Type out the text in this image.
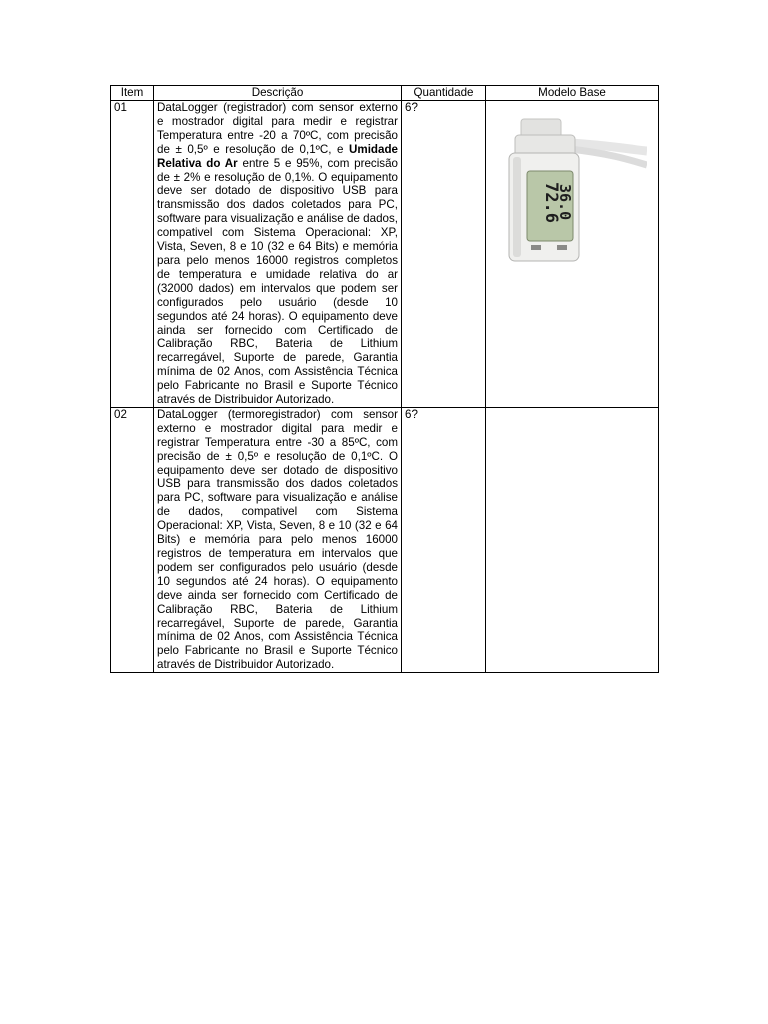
Item	Descrição	Quantidade	Modelo Base
01	DataLogger (registrador) com sensor externo e mostrador digital para medir e registrar Temperatura entre -20 a 70ºC, com precisão de ± 0,5º e resolução de 0,1ºC, e Umidade Relativa do Ar entre 5 e 95%, com precisão de ± 2% e resolução de 0,1%. O equipamento deve ser dotado de dispositivo USB para transmissão dos dados coletados para PC, software para visualização e análise de dados, compativel com Sistema Operacional: XP, Vista, Seven, 8 e 10 (32 e 64 Bits) e memória para pelo menos 16000 registros completos de temperatura e umidade relativa do ar (32000 dados) em intervalos que podem ser configurados pelo usuário (desde 10 segundos até 24 horas). O equipamento deve ainda ser fornecido com Certificado de Calibração RBC, Bateria de Lithium recarregável, Suporte de parede, Garantia mínima de 02 Anos, com Assistência Técnica pelo Fabricante no Brasil e Suporte Técnico através de Distribuidor Autorizado.	6?	72.6
36.0

02	DataLogger (termoregistrador) com sensor externo e mostrador digital para medir e registrar Temperatura entre -30 a 85ºC, com precisão de ± 0,5º e resolução de 0,1ºC. O equipamento deve ser dotado de dispositivo USB para transmissão dos dados coletados para PC, software para visualização e análise de dados, compativel com Sistema Operacional: XP, Vista, Seven, 8 e 10 (32 e 64 Bits) e memória para pelo menos 16000 registros de temperatura em intervalos que podem ser configurados pelo usuário (desde 10 segundos até 24 horas). O equipamento deve ainda ser fornecido com Certificado de Calibração RBC, Bateria de Lithium recarregável, Suporte de parede, Garantia mínima de 02 Anos, com Assistência Técnica pelo Fabricante no Brasil e Suporte Técnico através de Distribuidor Autorizado.	6?	
